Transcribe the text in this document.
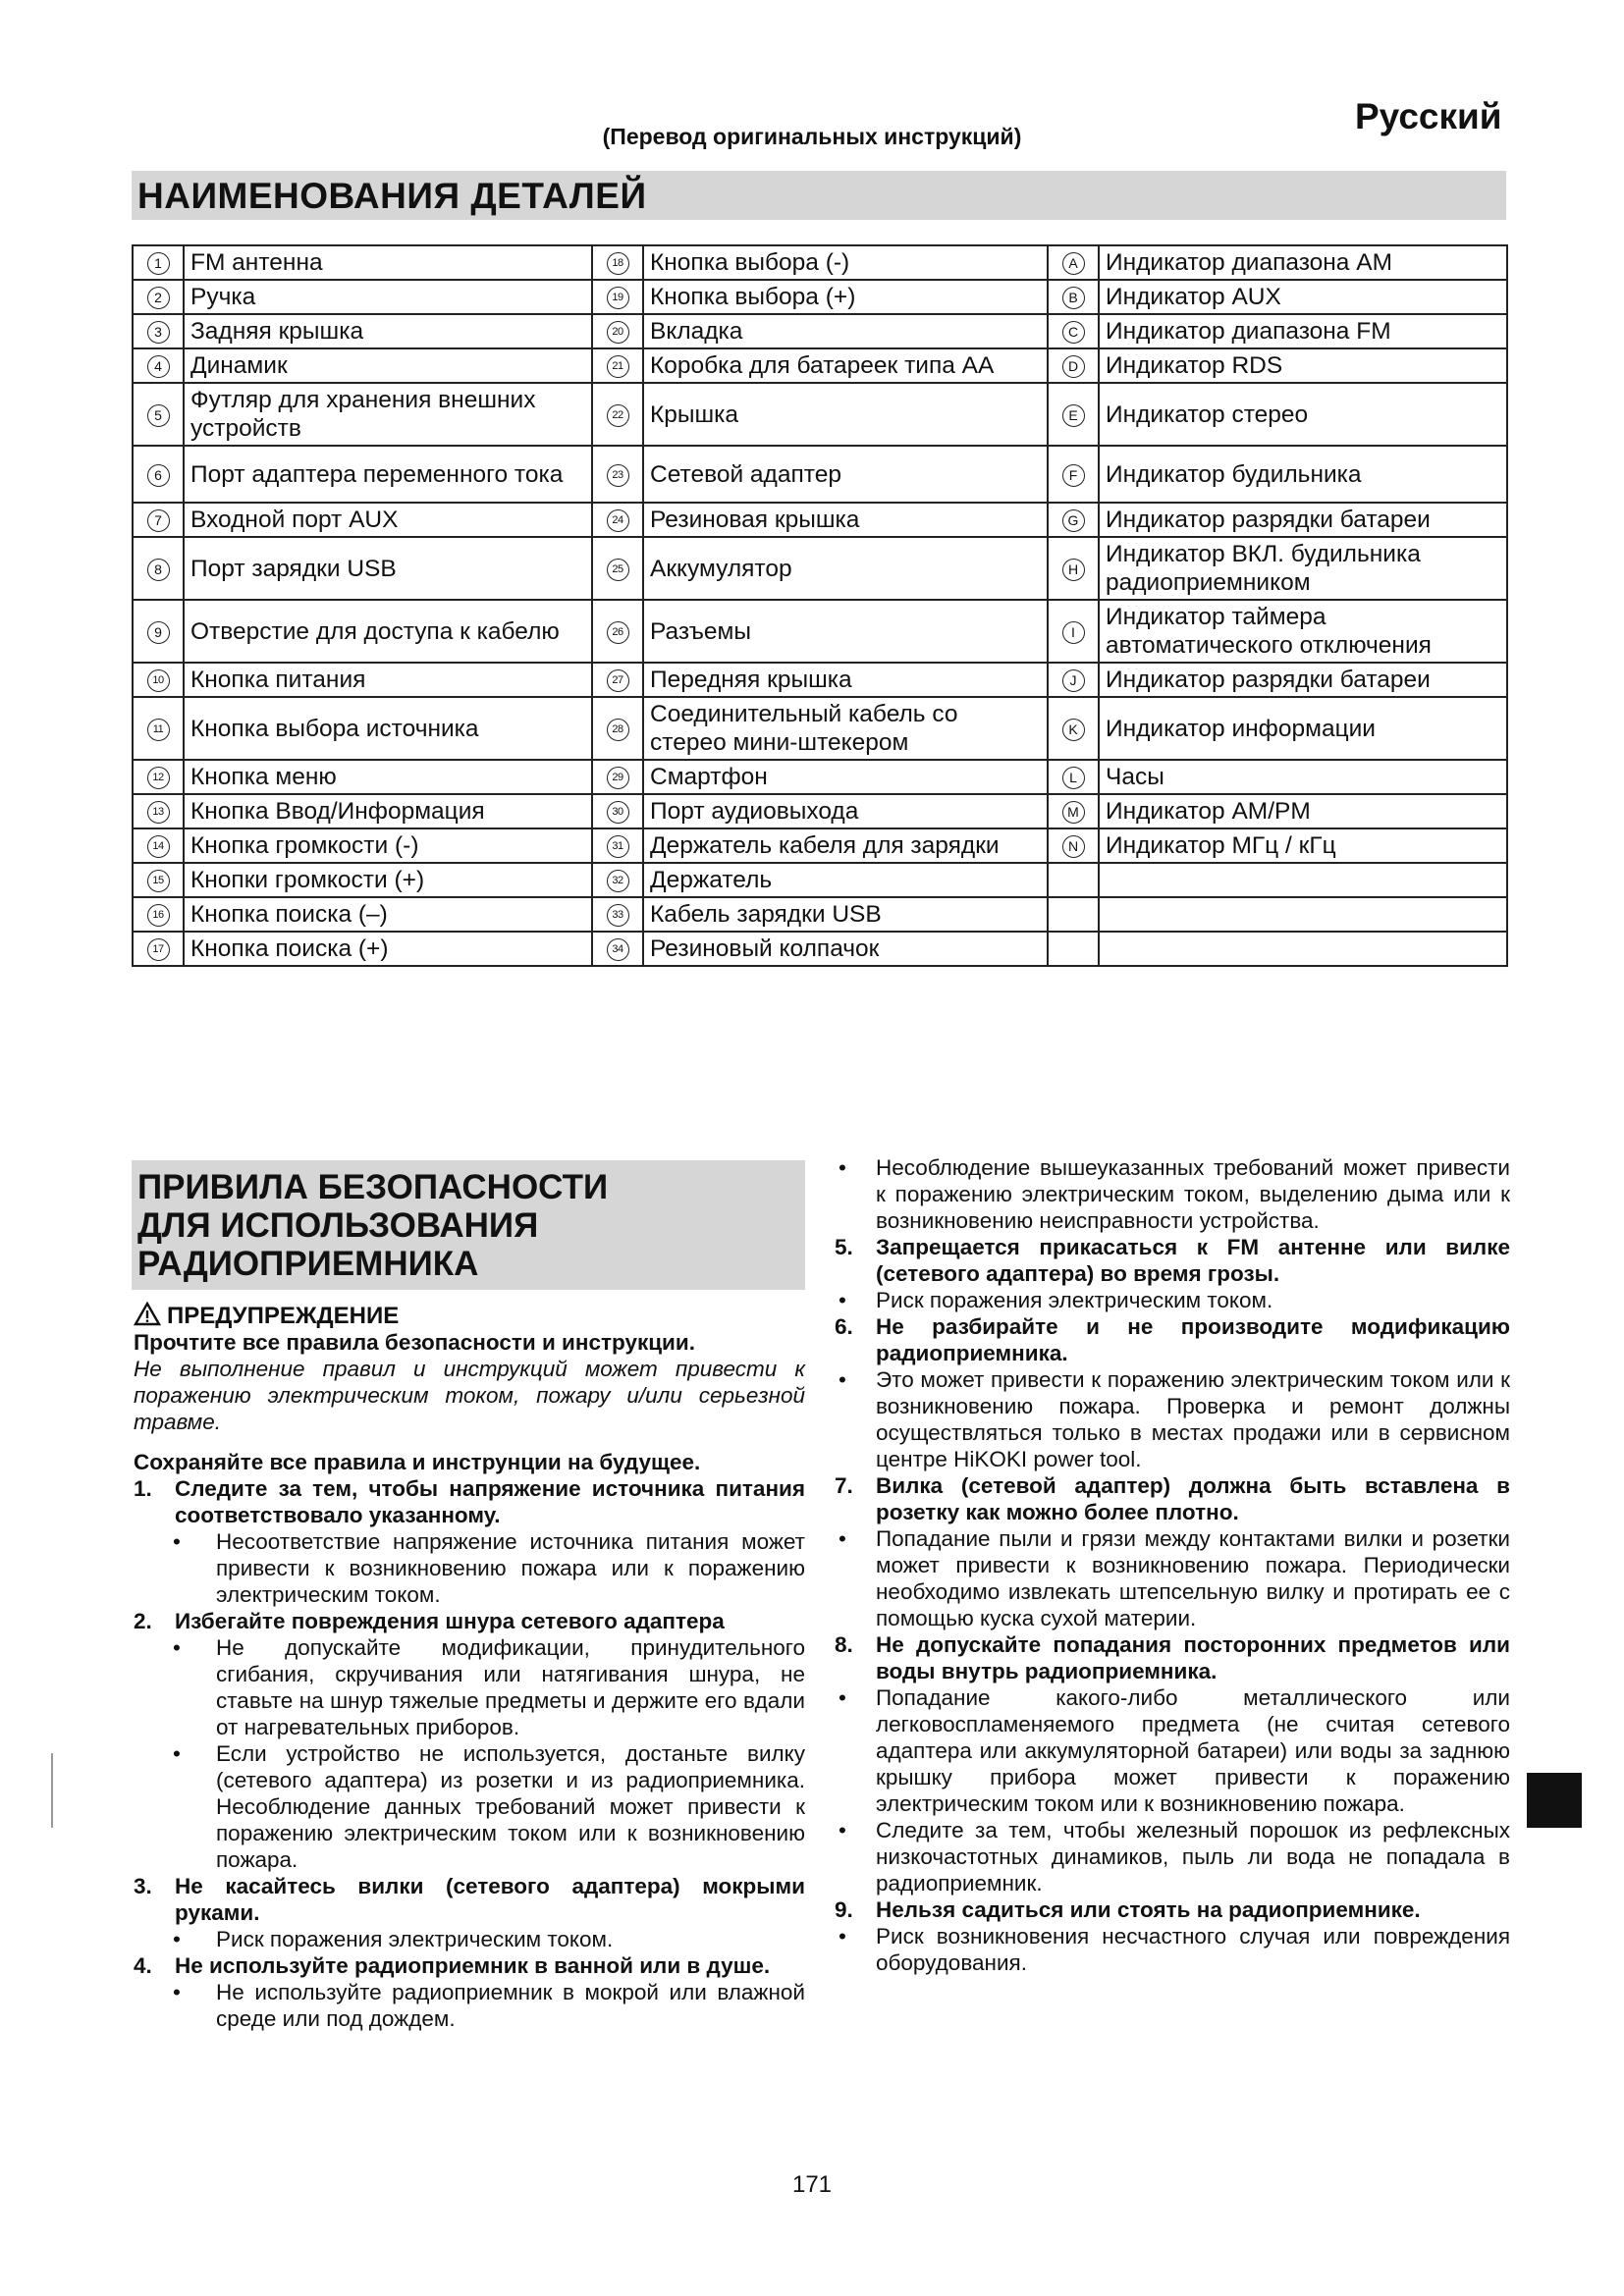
Русский
(Перевод оригинальных инструкций)
НАИМЕНОВАНИЯ ДЕТАЛЕЙ
1	FM антенна	18	Кнопка выбора (-)	A	Индикатор диапазона AM
2	Ручка	19	Кнопка выбора (+)	B	Индикатор AUX
3	Задняя крышка	20	Вкладка	C	Индикатор диапазона FM
4	Динамик	21	Коробка для батареек типа AA	D	Индикатор RDS
5	Футляр для хранения внешних устройств	22	Крышка	E	Индикатор стерео
6	Порт адаптера переменного тока	23	Сетевой адаптер	F	Индикатор будильника
7	Входной порт AUX	24	Резиновая крышка	G	Индикатор разрядки батареи
8	Порт зарядки USB	25	Аккумулятор	H	Индикатор ВКЛ. будильника радиоприемником
9	Отверстие для доступа к кабелю	26	Разъемы	I	Индикатор таймера автоматического отключения
10	Кнопка питания	27	Передняя крышка	J	Индикатор разрядки батареи
11	Кнопка выбора источника	28	Соединительный кабель со стерео мини-штекером	K	Индикатор информации
12	Кнопка меню	29	Смартфон	L	Часы
13	Кнопка Ввод/Информация	30	Порт аудиовыхода	M	Индикатор AM/PM
14	Кнопка громкости (-)	31	Держатель кабеля для зарядки	N	Индикатор МГц / кГц
15	Кнопки громкости (+)	32	Держатель		
16	Кнопка поиска (–)	33	Кабель зарядки USB		
17	Кнопка поиска (+)	34	Резиновый колпачок		
ПРИВИЛА БЕЗОПАСНОСТИ
ДЛЯ ИСПОЛЬЗОВАНИЯ
РАДИОПРИЕМНИКА

ПРЕДУПРЕЖДЕНИЕ

Прочтите все правила безопасности и инструкции.

Не выполнение правил и инструкций может привести к поражению электрическим током, пожару и/или серьезной травме.

Сохраняйте все правила и инструнции на будущее.

1. Следите за тем, чтобы напряжение источника питания соответствовало указанному.
• Несоответствие напряжение источника питания может привести к возникновению пожара или к поражению электрическим током.
2. Избегайте повреждения шнура сетевого адаптера
• Не допускайте модификации, принудительного сгибания, скручивания или натягивания шнура, не ставьте на шнур тяжелые предметы и держите его вдали от нагревательных приборов.
• Если устройство не используется, достаньте вилку (сетевого адаптера) из розетки и из радиоприемника. Несоблюдение данных требований может привести к поражению электрическим током или к возникновению пожара.
3. Не касайтесь вилки (сетевого адаптера) мокрыми руками.
• Риск поражения электрическим током.
4. Не используйте радиоприемник в ванной или в душе.
• Не используйте радиоприемник в мокрой или влажной среде или под дождем.
• Несоблюдение вышеуказанных требований может привести к поражению электрическим током, выделению дыма или к возникновению неисправности устройства.
5. Запрещается прикасаться к FM антенне или вилке (сетевого адаптера) во время грозы.
• Риск поражения электрическим током.
6. Не разбирайте и не производите модификацию радиоприемника.
• Это может привести к поражению электрическим током или к возникновению пожара. Проверка и ремонт должны осуществляться только в местах продажи или в сервисном центре HiKOKI power tool.
7. Вилка (сетевой адаптер) должна быть вставлена в розетку как можно более плотно.
• Попадание пыли и грязи между контактами вилки и розетки может привести к возникновению пожара. Периодически необходимо извлекать штепсельную вилку и протирать ее с помощью куска сухой материи.
8. Не допускайте попадания посторонних предметов или воды внутрь радиоприемника.
• Попадание какого-либо металлического или легковоспламеняемого предмета (не считая сетевого адаптера или аккумуляторной батареи) или воды за заднюю крышку прибора может привести к поражению электрическим током или к возникновению пожара.
• Следите за тем, чтобы железный порошок из рефлексных низкочастотных динамиков, пыль ли вода не попадала в радиоприемник.
9. Нельзя садиться или стоять на радиоприемнике.
• Риск возникновения несчастного случая или повреждения оборудования.
171
